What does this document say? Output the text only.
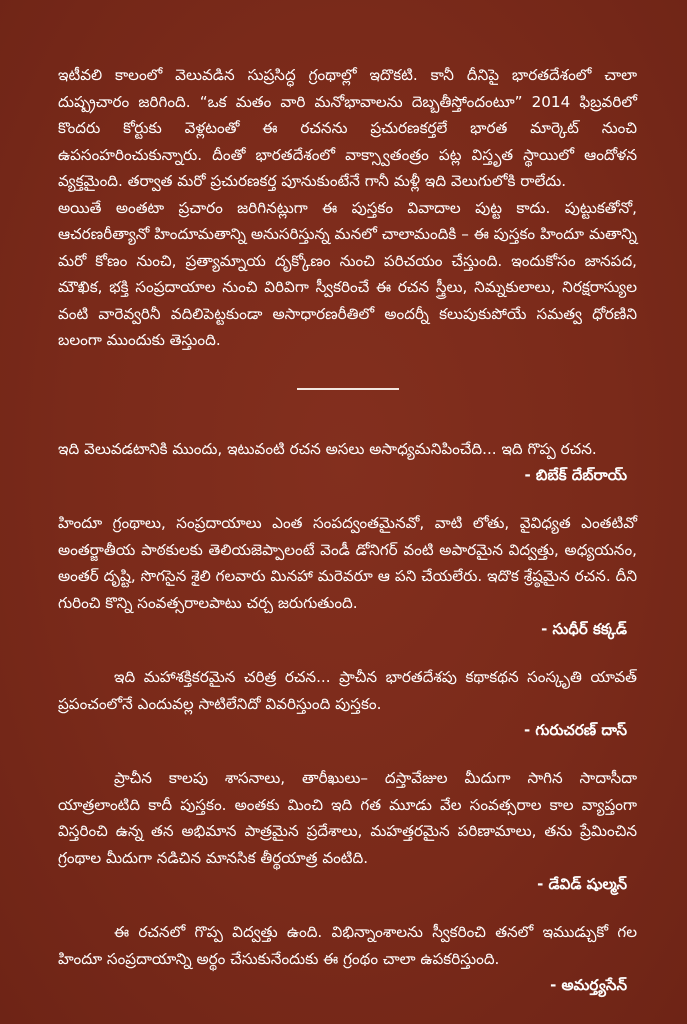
ఇటీవలి కాలంలో వెలువడిన సుప్రసిద్ధ గ్రంథాల్లో ఇదొకటి. కానీ దీనిపై భారతదేశంలో చాలా దుష్ప్రచారం జరిగింది. “ఒక మతం వారి మనోభావాలను దెబ్బతీస్తోందంటూ” 2014 ఫిబ్రవరిలో కొందరు కోర్టుకు వెళ్లటంతో ఈ రచనను ప్రచురణకర్తలే భారత మార్కెట్ నుంచి ఉపసంహరించుకున్నారు. దీంతో భారతదేశంలో వాక్స్వాతంత్రం పట్ల విస్తృత స్థాయిలో ఆందోళన వ్యక్తమైంది. తర్వాత మరో ప్రచురణకర్త పూనుకుంటేనే గానీ మళ్లీ ఇది వెలుగులోకి రాలేదు.

అయితే అంతటా ప్రచారం జరిగినట్లుగా ఈ పుస్తకం వివాదాల పుట్ట కాదు. పుట్టుకతోనో, ఆచరణరీత్యానో హిందూమతాన్ని అనుసరిస్తున్న మనలో చాలామందికి – ఈ పుస్తకం హిందూ మతాన్ని మరో కోణం నుంచి, ప్రత్యామ్నాయ దృక్కోణం నుంచి పరిచయం చేస్తుంది. ఇందుకోసం జానపద, మౌఖిక, భక్తి సంప్రదాయాల నుంచి విరివిగా స్వీకరించే ఈ రచన స్త్రీలు, నిమ్నకులాలు, నిరక్షరాస్యుల వంటి వారెవ్వరినీ వదిలిపెట్టకుండా అసాధారణరీతిలో అందర్నీ కలుపుకుపోయే సమత్వ ధోరణిని బలంగా ముందుకు తెస్తుంది.

ఇది వెలువడటానికి ముందు, ఇటువంటి రచన అసలు అసాధ్యమనిపించేది... ఇది గొప్ప రచన.

- బిబేక్ దేబ్‌రాయ్

హిందూ గ్రంథాలు, సంప్రదాయాలు ఎంత సంపద్వంతమైనవో, వాటి లోతు, వైవిధ్యత ఎంతటివో అంతర్జాతీయ పాఠకులకు తెలియజెప్పాలంటే వెండీ డోనిగర్ వంటి అపారమైన విద్వత్తు, అధ్యయనం, అంతర్ దృష్టి, సొగసైన శైలి గలవారు మినహా మరెవరూ ఆ పని చేయలేరు. ఇదొక శ్రేష్ఠమైన రచన. దీని గురించి కొన్ని సంవత్సరాలపాటు చర్చ జరుగుతుంది.

- సుధీర్ కక్కడ్

ఇది మహాశక్తికరమైన చరిత్ర రచన... ప్రాచీన భారతదేశపు కథాకథన సంస్కృతి యావత్ ప్రపంచంలోనే ఎందువల్ల సాటిలేనిదో వివరిస్తుంది పుస్తకం.

- గురుచరణ్ దాస్

ప్రాచీన కాలపు శాసనాలు, తారీఖులు– దస్తావేజుల మీదుగా సాగిన సాదాసీదా యాత్రలాంటిది కాదీ పుస్తకం. అంతకు మించి ఇది గత మూడు వేల సంవత్సరాల కాల వ్యాప్తంగా విస్తరించి ఉన్న తన అభిమాన పాత్రమైన ప్రదేశాలు, మహత్తరమైన పరిణామాలు, తను ప్రేమించిన గ్రంథాల మీదుగా నడిచిన మానసిక తీర్థయాత్ర వంటిది.

- డేవిడ్ షుల్మన్

ఈ రచనలో గొప్ప విద్వత్తు ఉంది. విభిన్నాంశాలను స్వీకరించి తనలో ఇముడ్చుకో గల హిందూ సంప్రదాయాన్ని అర్థం చేసుకునేందుకు ఈ గ్రంథం చాలా ఉపకరిస్తుంది.

- అమర్త్యసేన్
